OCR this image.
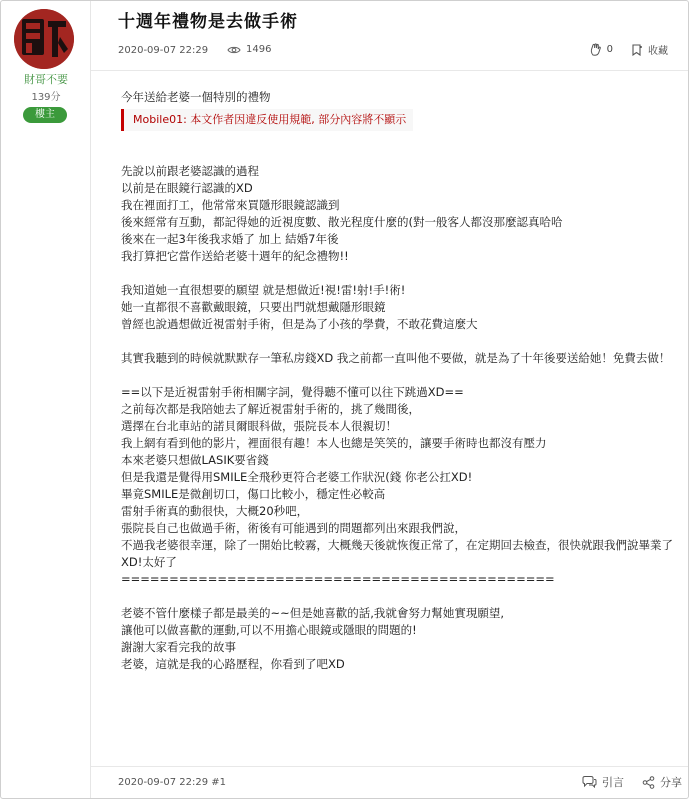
財哥不要
139分
樓主
十週年禮物是去做手術
2020-09-07 22:29	1496	0	收藏
今年送給老婆一個特別的禮物
Mobile01: 本文作者因違反使用規範, 部分內容將不顯示
先說以前跟老婆認識的過程
以前是在眼鏡行認識的XD
我在裡面打工，他常常來買隱形眼鏡認識到
後來經常有互動，都記得她的近視度數、散光程度什麼的(對一般客人都沒那麼認真哈哈
後來在一起3年後我求婚了 加上 結婚7年後
我打算把它當作送給老婆十週年的紀念禮物!!
我知道她一直很想要的願望 就是想做近!視!雷!射!手!術!
她一直都很不喜歡戴眼鏡，只要出門就想戴隱形眼鏡
曾經也說過想做近視雷射手術，但是為了小孩的學費，不敢花費這麼大
其實我聽到的時候就默默存一筆私房錢XD 我之前都一直叫他不要做，就是為了十年後要送給她！免費去做！
==以下是近視雷射手術相關字詞，覺得聽不懂可以往下跳過XD==
之前每次都是我陪她去了解近視雷射手術的，挑了幾間後，
選擇在台北車站的諾貝爾眼科做，張院長本人很親切！
我上網有看到他的影片，裡面很有趣！本人也總是笑笑的，讓要手術時也都沒有壓力
本來老婆只想做LASIK要省錢
但是我還是覺得用SMILE全飛秒更符合老婆工作狀況(錢 你老公扛XD!
畢竟SMILE是微創切口，傷口比較小，穩定性必較高
雷射手術真的動很快，大概20秒吧，
張院長自己也做過手術，術後有可能遇到的問題都列出來跟我們說，
不過我老婆很幸運，除了一開始比較霧，大概幾天後就恢復正常了，在定期回去檢查，很快就跟我們說畢業了XD!太好了
=============================================
老婆不管什麼樣子都是最美的~~但是她喜歡的話,我就會努力幫她實現願望,
讓他可以做喜歡的運動,可以不用擔心眼鏡或隱眼的問題的!
謝謝大家看完我的故事
老婆，這就是我的心路歷程，你看到了吧XD
2020-09-07 22:29 #1	引言	分享
